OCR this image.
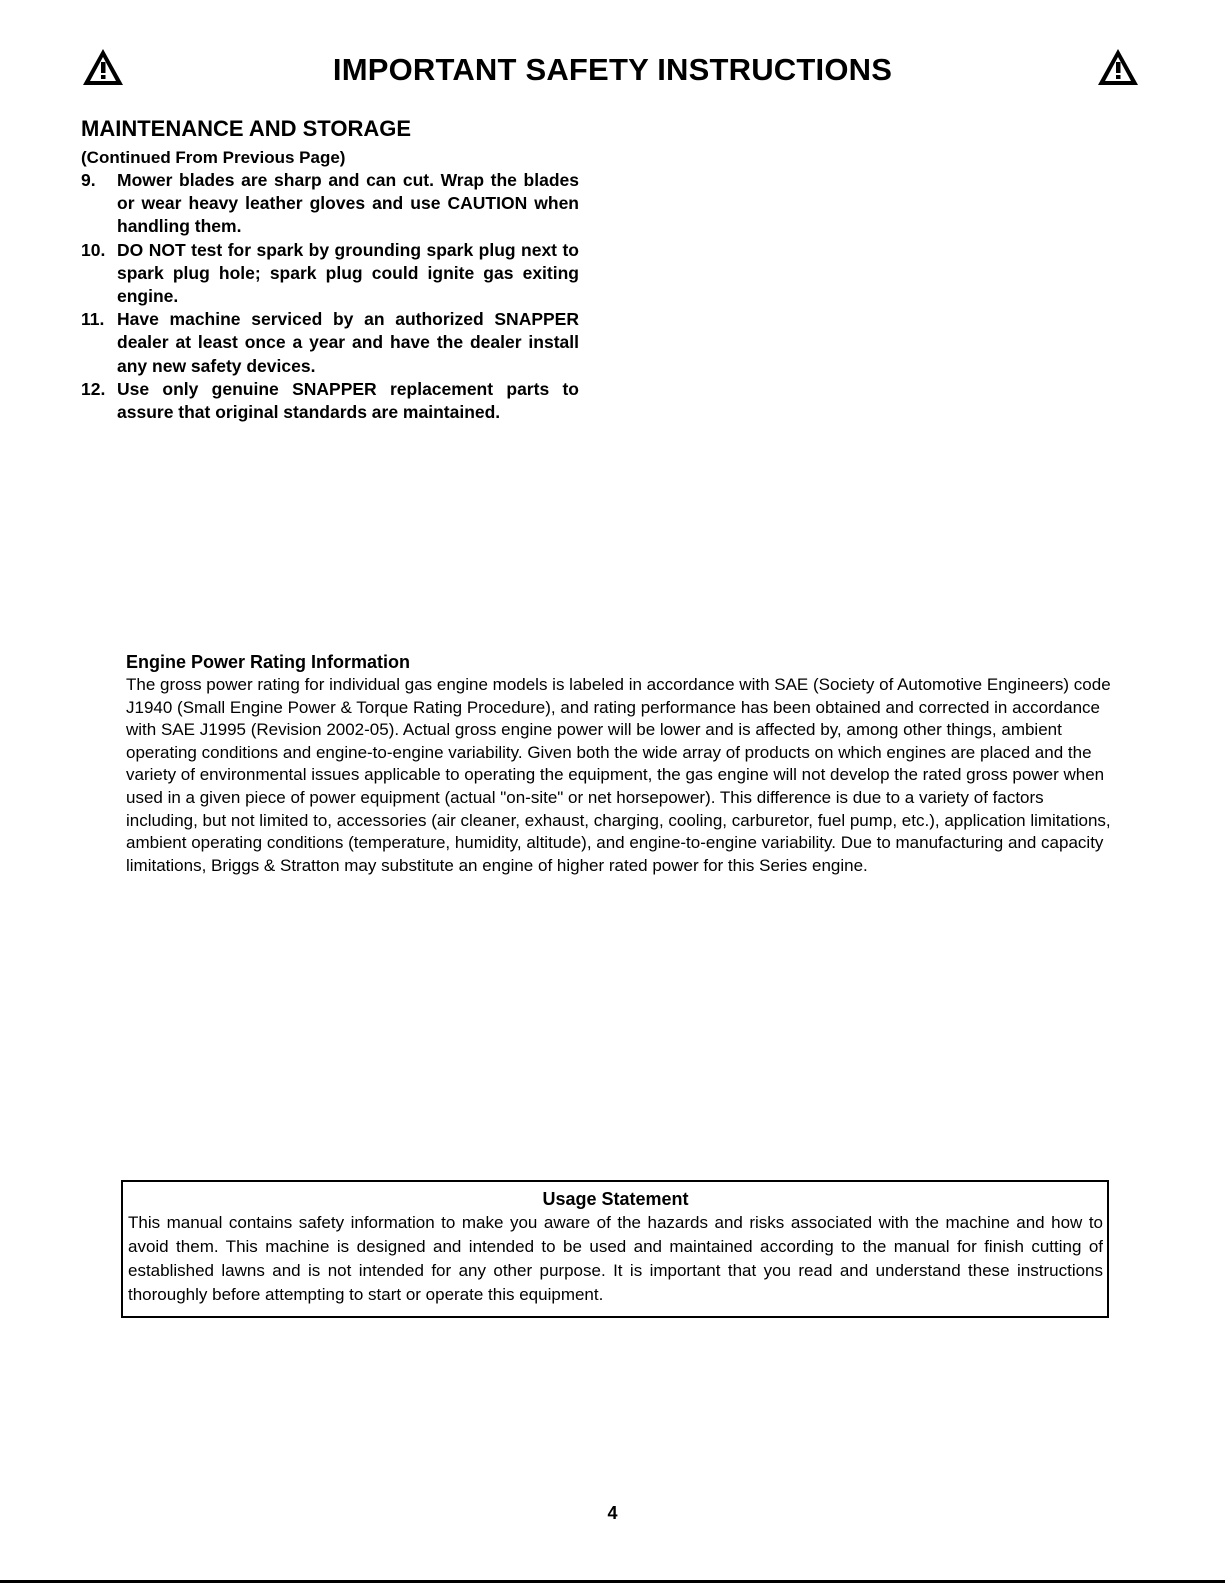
IMPORTANT SAFETY INSTRUCTIONS
MAINTENANCE AND STORAGE
(Continued From Previous Page)
9.	Mower blades are sharp and can cut. Wrap the blades or wear heavy leather gloves and use CAUTION when handling them.
10. DO NOT test for spark by grounding spark plug next to spark plug hole; spark plug could ignite gas exiting engine.
11. Have machine serviced by an authorized SNAPPER dealer at least once a year and have the dealer install any new safety devices.
12. Use only genuine SNAPPER replacement parts to assure that original standards are maintained.
Engine Power Rating Information

The gross power rating for individual gas engine models is labeled in accordance with SAE (Society of Automotive Engineers) code J1940 (Small Engine Power & Torque Rating Procedure), and rating performance has been obtained and corrected in accordance with SAE J1995 (Revision 2002-05). Actual gross engine power will be lower and is affected by, among other things, ambient operating conditions and engine-to-engine variability. Given both the wide array of products on which engines are placed and the variety of environmental issues applicable to operating the equipment, the gas engine will not develop the rated gross power when used in a given piece of power equipment (actual "on-site" or net horsepower). This difference is due to a variety of factors including, but not limited to, accessories (air cleaner, exhaust, charging, cooling, carburetor, fuel pump, etc.), application limitations, ambient operating conditions (temperature, humidity, altitude), and engine-to-engine variability. Due to manufacturing and capacity limitations, Briggs & Stratton may substitute an engine of higher rated power for this Series engine.

Usage Statement

This manual contains safety information to make you aware of the hazards and risks associated with the machine and how to avoid them. This machine is designed and intended to be used and maintained according to the manual for finish cutting of established lawns and is not intended for any other purpose. It is important that you read and understand these instructions thoroughly before attempting to start or operate this equipment.

4
